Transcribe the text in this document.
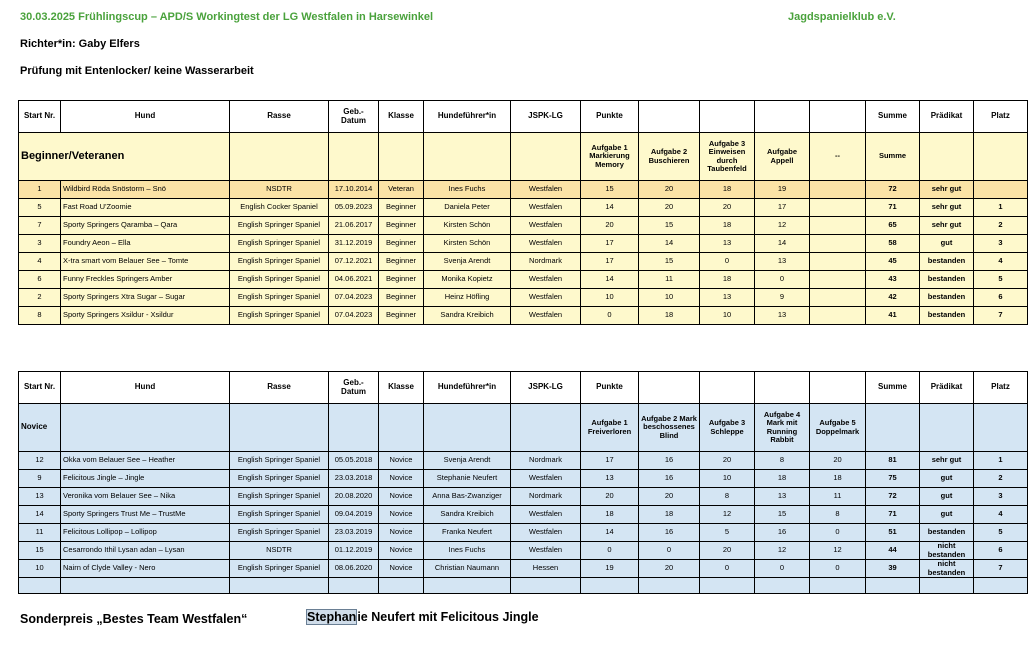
30.03.2025 Frühlingscup – APD/S Workingtest der LG Westfalen in Harsewinkel	Jagdspanielklub e.V.
Richter*in: Gaby Elfers
Prüfung mit Entenlocker/ keine Wasserarbeit
Start Nr.	Hund	Rasse	Geb.- Datum	Klasse	Hundeführer*in	JSPK-LG	Punkte					Summe	Prädikat	Platz
Beginner/Veteranen							Aufgabe 1 Markierung Memory	Aufgabe 2 Buschieren	Aufgabe 3 Einweisen durch Taubenfeld	Aufgabe Appell	--	Summe		
1	Wildbird Röda Snöstorm – Snö	NSDTR	17.10.2014	Veteran	Ines Fuchs	Westfalen	15	20	18	19		72	sehr gut	
5	Fast Road U'Zoomie	English Cocker Spaniel	05.09.2023	Beginner	Daniela Peter	Westfalen	14	20	20	17		71	sehr gut	1
7	Sporty Springers Qaramba – Qara	English Springer Spaniel	21.06.2017	Beginner	Kirsten Schön	Westfalen	20	15	18	12		65	sehr gut	2
3	Foundry Aeon – Ella	English Springer Spaniel	31.12.2019	Beginner	Kirsten Schön	Westfalen	17	14	13	14		58	gut	3
4	X-tra smart vom Belauer See – Tomte	English Springer Spaniel	07.12.2021	Beginner	Svenja Arendt	Nordmark	17	15	0	13		45	bestanden	4
6	Funny Freckles Springers Amber	English Springer Spaniel	04.06.2021	Beginner	Monika Kopietz	Westfalen	14	11	18	0		43	bestanden	5
2	Sporty Springers Xtra Sugar – Sugar	English Springer Spaniel	07.04.2023	Beginner	Heinz Höfling	Westfalen	10	10	13	9		42	bestanden	6
8	Sporty Springers Xsildur - Xsildur	English Springer Spaniel	07.04.2023	Beginner	Sandra Kreibich	Westfalen	0	18	10	13		41	bestanden	7
Start Nr.	Hund	Rasse	Geb.- Datum	Klasse	Hundeführer*in	JSPK-LG	Punkte					Summe	Prädikat	Platz
Novice							Aufgabe 1 Freiverloren	Aufgabe 2 Mark beschossenes Blind	Aufgabe 3 Schleppe	Aufgabe 4 Mark mit Running Rabbit	Aufgabe 5 Doppelmark			
12	Okka vom Belauer See – Heather	English Springer Spaniel	05.05.2018	Novice	Svenja Arendt	Nordmark	17	16	20	8	20	81	sehr gut	1
9	Felicitous Jingle – Jingle	English Springer Spaniel	23.03.2018	Novice	Stephanie Neufert	Westfalen	13	16	10	18	18	75	gut	2
13	Veronika vom Belauer See – Nika	English Springer Spaniel	20.08.2020	Novice	Anna Bas-Zwanziger	Nordmark	20	20	8	13	11	72	gut	3
14	Sporty Springers Trust Me – TrustMe	English Springer Spaniel	09.04.2019	Novice	Sandra Kreibich	Westfalen	18	18	12	15	8	71	gut	4
11	Felicitous Lollipop – Lollipop	English Springer Spaniel	23.03.2019	Novice	Franka Neufert	Westfalen	14	16	5	16	0	51	bestanden	5
15	Cesarrondo Ithil Lysan adan – Lysan	NSDTR	01.12.2019	Novice	Ines Fuchs	Westfalen	0	0	20	12	12	44	nicht bestanden	6
10	Nairn of Clyde Valley - Nero	English Springer Spaniel	08.06.2020	Novice	Christian Naumann	Hessen	19	20	0	0	0	39	nicht bestanden	7

Sonderpreis „Bestes Team Westfalen“	Stephanie Neufert mit Felicitous Jingle
